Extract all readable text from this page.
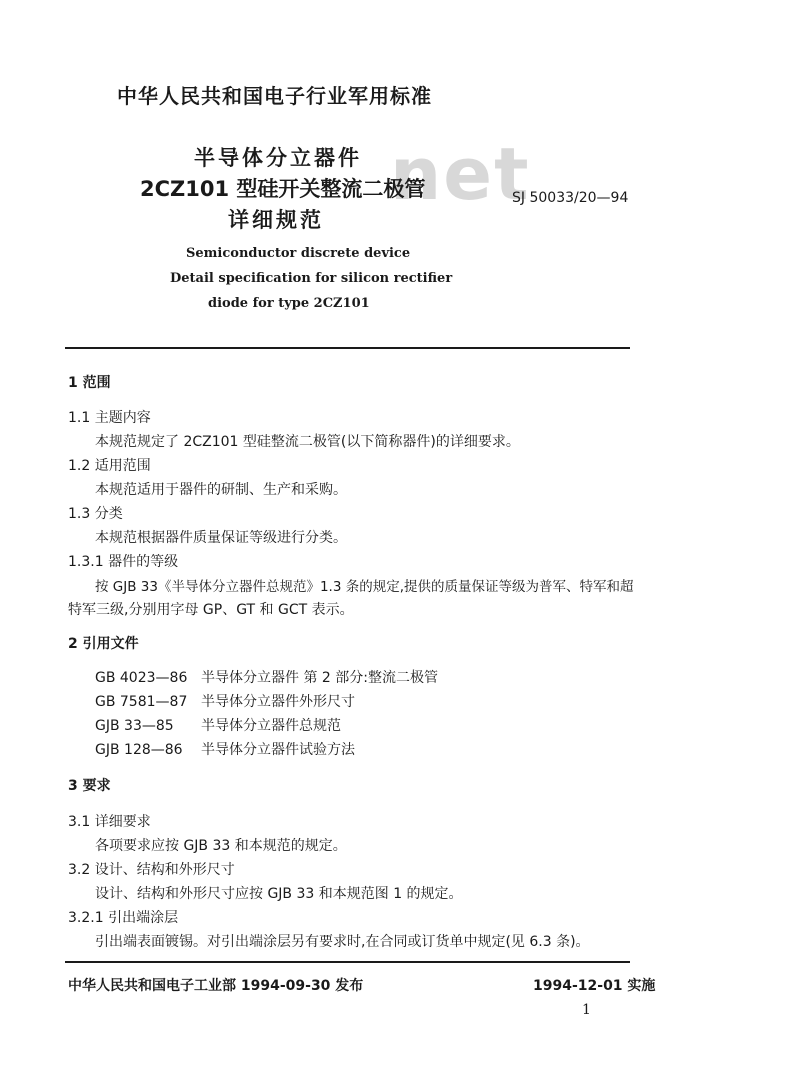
net
中华人民共和国电子行业军用标准
半导体分立器件
2CZ101 型硅开关整流二极管
详细规范
SJ 50033/20—94
Semiconductor discrete device
Detail specification for silicon rectifier
diode for type 2CZ101
1 范围
1.1 主题内容
本规范规定了 2CZ101 型硅整流二极管(以下简称器件)的详细要求。
1.2 适用范围
本规范适用于器件的研制、生产和采购。
1.3 分类
本规范根据器件质量保证等级进行分类。
1.3.1 器件的等级
按 GJB 33《半导体分立器件总规范》1.3 条的规定,提供的质量保证等级为普军、特军和超
特军三级,分别用字母 GP、GT 和 GCT 表示。
2 引用文件
GB 4023—86 半导体分立器件 第 2 部分:整流二极管
GB 7581—87 半导体分立器件外形尺寸
GJB 33—85 半导体分立器件总规范
GJB 128—86 半导体分立器件试验方法
3 要求
3.1 详细要求
各项要求应按 GJB 33 和本规范的规定。
3.2 设计、结构和外形尺寸
设计、结构和外形尺寸应按 GJB 33 和本规范图 1 的规定。
3.2.1 引出端涂层
引出端表面镀锡。对引出端涂层另有要求时,在合同或订货单中规定(见 6.3 条)。
中华人民共和国电子工业部 1994-09-30 发布	1994-12-01 实施
1
